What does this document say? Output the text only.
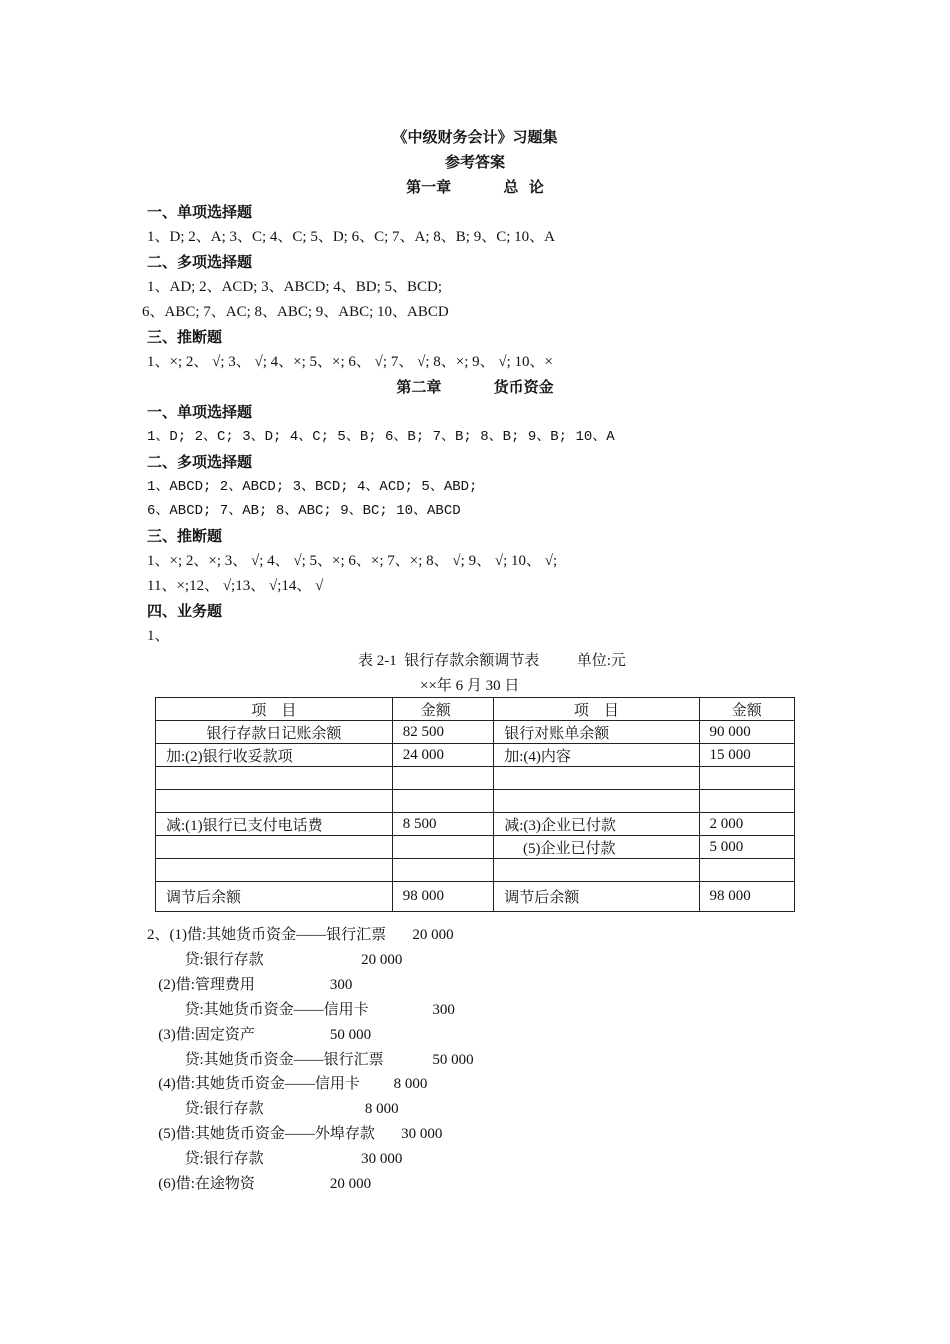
《中级财务会计》习题集
参考答案
第一章          总  论
一、单项选择题
1、D; 2、A; 3、C; 4、C; 5、D; 6、C; 7、A; 8、B; 9、C; 10、A
二、多项选择题
1、AD; 2、ACD; 3、ABCD; 4、BD; 5、BCD;
6、ABC; 7、AC; 8、ABC; 9、ABC; 10、ABCD
三、推断题
1、×; 2、 √; 3、 √; 4、×; 5、×; 6、 √; 7、 √; 8、×; 9、 √; 10、×
第二章          货币资金
一、单项选择题
1、D; 2、C; 3、D; 4、C; 5、B; 6、B; 7、B; 8、B; 9、B; 10、A
二、多项选择题
1、ABCD; 2、ABCD; 3、BCD; 4、ACD; 5、ABD;
6、ABCD; 7、AB; 8、ABC; 9、BC; 10、ABCD
三、推断题
1、×; 2、×; 3、 √; 4、 √; 5、×; 6、×; 7、×; 8、 √; 9、 √; 10、 √;
11、×;12、 √;13、 √;14、 √
四、业务题
1、
表 2-1  银行存款余额调节表          单位:元
××年 6 月 30 日
项    目	金额	项    目	金额
银行存款日记账余额	82 500	银行对账单余额	90 000
加:(2)银行收妥款项	24 000	加:(4)内容	15 000

减:(1)银行已支付电话费	8 500	减:(3)企业已付款	2 000
		(5)企业已付款	5 000

调节后余额	98 000	调节后余额	98 000
2、(1)借:其她货币资金——银行汇票       20 000
贷:银行存款                          20 000
(2)借:管理费用                    300
贷:其她货币资金——信用卡                 300
(3)借:固定资产                    50 000
贷:其她货币资金——银行汇票             50 000
(4)借:其她货币资金——信用卡         8 000
贷:银行存款                           8 000
(5)借:其她货币资金——外埠存款       30 000
贷:银行存款                          30 000
(6)借:在途物资                    20 000
